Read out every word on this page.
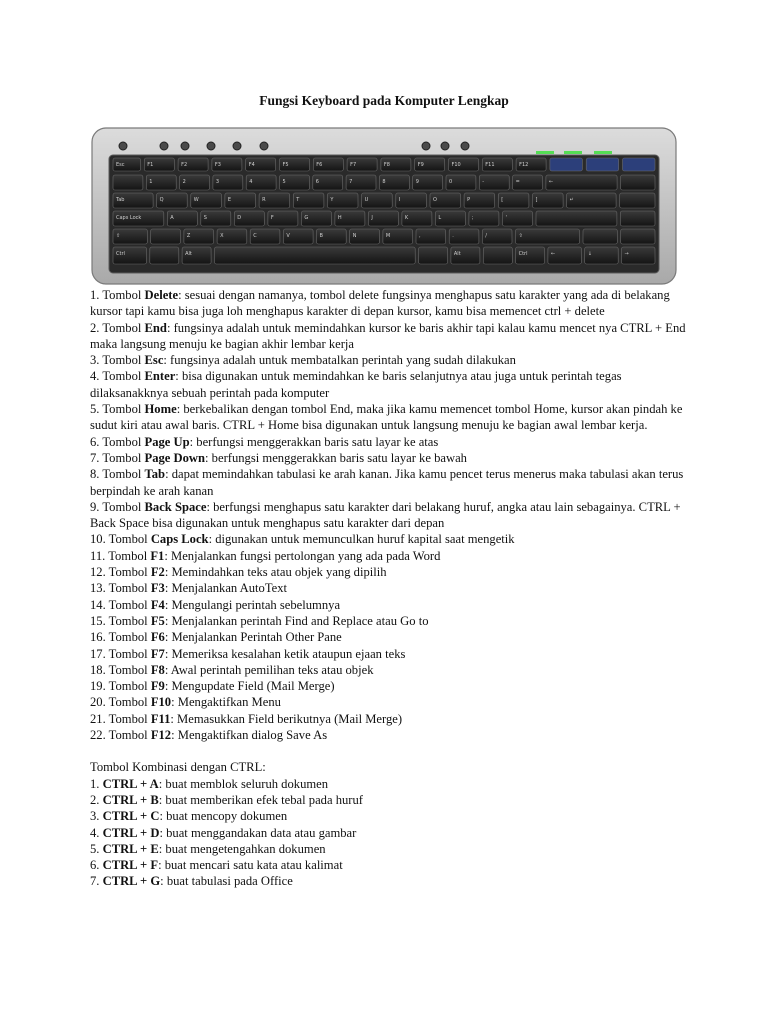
Fungsi Keyboard pada Komputer Lengkap
Esc	F1	F2	F3	F4	F5	F6	F7	F8	F9	F10	F11	F12
1	2	3	4	5	6	7	8	9	0	-	=	←
Tab	Q	W	E	R	T	Y	U	I	O	P	[	]	↵
Caps Lock	A	S	D	F	G	H	J	K	L	;	'
⇧	Z	X	C	V	B	N	M	,	.	/	⇧
Ctrl	Alt	Alt	Ctrl	←	↓	→
1. Tombol Delete: sesuai dengan namanya, tombol delete fungsinya menghapus satu karakter yang ada di belakang kursor tapi kamu bisa juga loh menghapus karakter di depan kursor, kamu bisa memencet ctrl + delete
2. Tombol End: fungsinya adalah untuk memindahkan kursor ke baris akhir tapi kalau kamu mencet nya CTRL + End maka langsung menuju ke bagian akhir lembar kerja
3. Tombol Esc: fungsinya adalah untuk membatalkan perintah yang sudah dilakukan
4. Tombol Enter: bisa digunakan untuk memindahkan ke baris selanjutnya atau juga untuk perintah tegas dilaksanakknya sebuah perintah pada komputer
5. Tombol Home: berkebalikan dengan tombol End, maka jika kamu memencet tombol Home, kursor akan pindah ke sudut kiri atau awal baris. CTRL + Home bisa digunakan untuk langsung menuju ke bagian awal lembar kerja.
6. Tombol Page Up: berfungsi menggerakkan baris satu layar ke atas
7. Tombol Page Down: berfungsi menggerakkan baris satu layar ke bawah
8. Tombol Tab: dapat memindahkan tabulasi ke arah kanan. Jika kamu pencet terus menerus maka tabulasi akan terus berpindah ke arah kanan
9. Tombol Back Space: berfungsi menghapus satu karakter dari belakang huruf, angka atau lain sebagainya. CTRL + Back Space bisa digunakan untuk menghapus satu karakter dari depan
10. Tombol Caps Lock: digunakan untuk memunculkan huruf kapital saat mengetik
11. Tombol F1: Menjalankan fungsi pertolongan yang ada pada Word
12. Tombol F2: Memindahkan teks atau objek yang dipilih
13. Tombol F3: Menjalankan AutoText
14. Tombol F4: Mengulangi perintah sebelumnya
15. Tombol F5: Menjalankan perintah Find and Replace atau Go to
16. Tombol F6: Menjalankan Perintah Other Pane
17. Tombol F7: Memeriksa kesalahan ketik ataupun ejaan teks
18. Tombol F8: Awal perintah pemilihan teks atau objek
19. Tombol F9: Mengupdate Field (Mail Merge)
20. Tombol F10: Mengaktifkan Menu
21. Tombol F11: Memasukkan Field berikutnya (Mail Merge)
22. Tombol F12: Mengaktifkan dialog Save As
Tombol Kombinasi dengan CTRL:
1. CTRL + A: buat memblok seluruh dokumen
2. CTRL + B: buat memberikan efek tebal pada huruf
3. CTRL + C: buat mencopy dokumen
4. CTRL + D: buat menggandakan data atau gambar
5. CTRL + E: buat mengetengahkan dokumen
6. CTRL + F: buat mencari satu kata atau kalimat
7. CTRL + G: buat tabulasi pada Office
